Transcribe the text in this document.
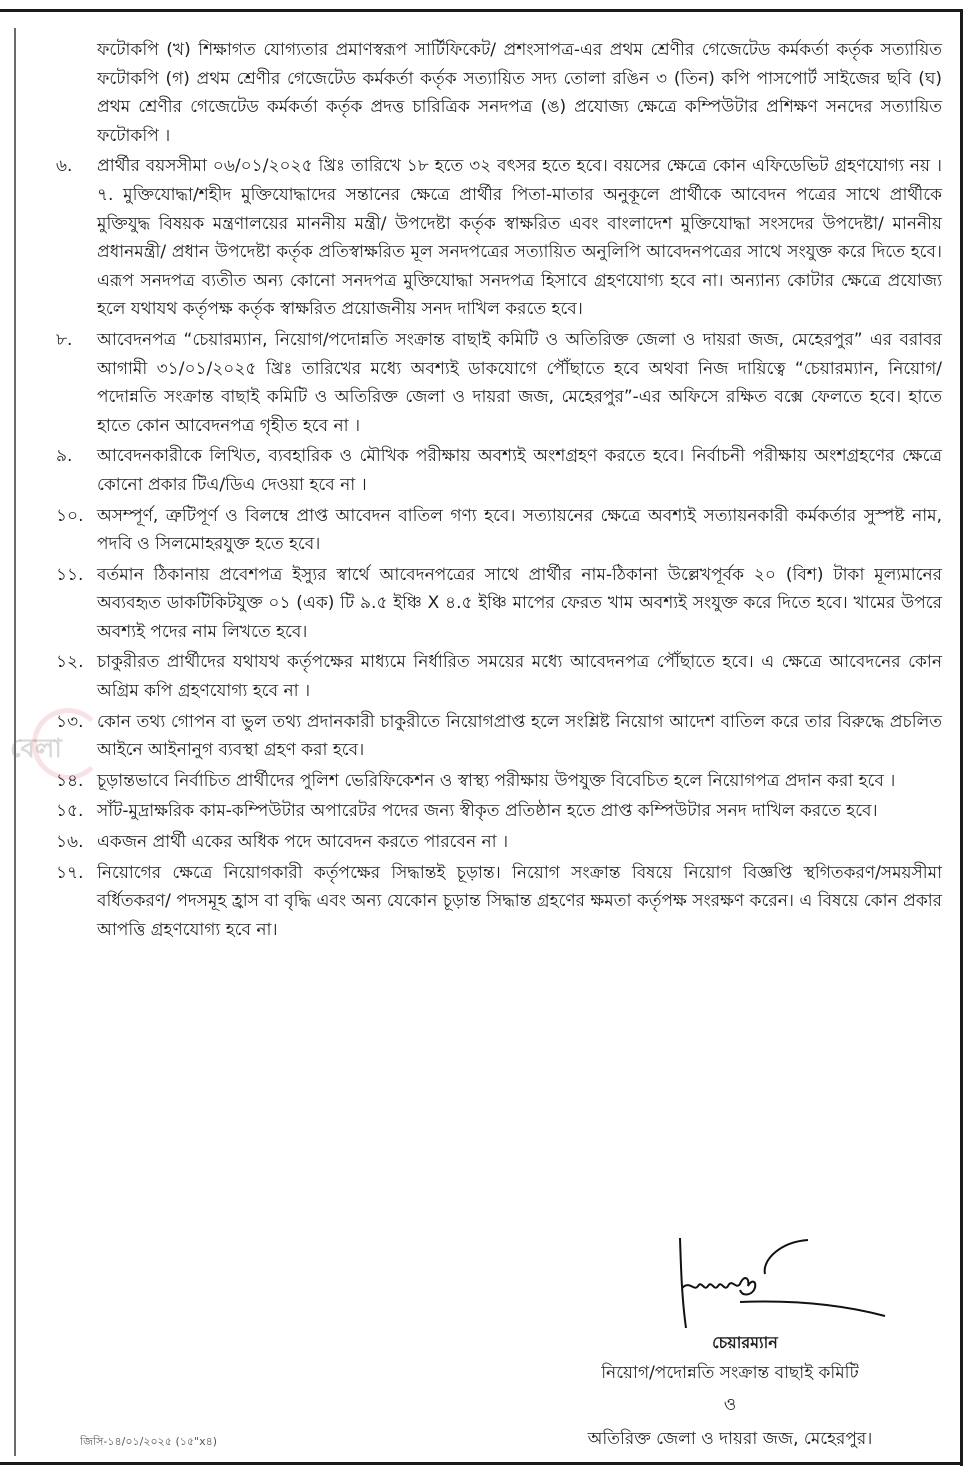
বেলা

ফটোকপি (খ) শিক্ষাগত যোগ্যতার প্রমাণস্বরূপ সার্টিফিকেট/ প্রশংসাপত্র-এর প্রথম শ্রেণীর গেজেটেড কর্মকর্তা কর্তৃক সত্যায়িত ফটোকপি (গ) প্রথম শ্রেণীর গেজেটেড কর্মকর্তা কর্তৃক সত্যায়িত সদ্য তোলা রঙিন ৩ (তিন) কপি পাসপোর্ট সাইজের ছবি (ঘ) প্রথম শ্রেণীর গেজেটেড কর্মকর্তা কর্তৃক প্রদত্ত চারিত্রিক সনদপত্র (ঙ) প্রযোজ্য ক্ষেত্রে কম্পিউটার প্রশিক্ষণ সনদের সত্যায়িত ফটোকপি ।

৬.	প্রার্থীর বয়সসীমা ০৬/০১/২০২৫ খ্রিঃ তারিখে ১৮ হতে ৩২ বৎসর হতে হবে। বয়সের ক্ষেত্রে কোন এফিডেভিট গ্রহণযোগ্য নয় । ৭. মুক্তিযোদ্ধা/শহীদ মুক্তিযোদ্ধাদের সন্তানের ক্ষেত্রে প্রার্থীর পিতা-মাতার অনুকূলে প্রার্থীকে আবেদন পত্রের সাথে প্রার্থীকে মুক্তিযুদ্ধ বিষয়ক মন্ত্রণালয়ের মাননীয় মন্ত্রী/ উপদেষ্টা কর্তৃক স্বাক্ষরিত এবং বাংলাদেশ মুক্তিযোদ্ধা সংসদের উপদেষ্টা/ মাননীয় প্রধানমন্ত্রী/ প্রধান উপদেষ্টা কর্তৃক প্রতিস্বাক্ষরিত মূল সনদপত্রের সত্যায়িত অনুলিপি আবেদনপত্রের সাথে সংযুক্ত করে দিতে হবে। এরূপ সনদপত্র ব্যতীত অন্য কোনো সনদপত্র মুক্তিযোদ্ধা সনদপত্র হিসাবে গ্রহণযোগ্য হবে না। অন্যান্য কোটার ক্ষেত্রে প্রযোজ্য হলে যথাযথ কর্তৃপক্ষ কর্তৃক স্বাক্ষরিত প্রয়োজনীয় সনদ দাখিল করতে হবে।

৮.	আবেদনপত্র “চেয়ারম্যান, নিয়োগ/পদোন্নতি সংক্রান্ত বাছাই কমিটি ও অতিরিক্ত জেলা ও দায়রা জজ, মেহেরপুর” এর বরাবর আগামী ৩১/০১/২০২৫ খ্রিঃ তারিখের মধ্যে অবশ্যই ডাকযোগে পৌঁছাতে হবে অথবা নিজ দায়িত্বে “চেয়ারম্যান, নিয়োগ/পদোন্নতি সংক্রান্ত বাছাই কমিটি ও অতিরিক্ত জেলা ও দায়রা জজ, মেহেরপুর”-এর অফিসে রক্ষিত বক্সে ফেলতে হবে। হাতে হাতে কোন আবেদনপত্র গৃহীত হবে না ।

৯.	আবেদনকারীকে লিখিত, ব্যবহারিক ও মৌখিক পরীক্ষায় অবশ্যই অংশগ্রহণ করতে হবে। নির্বাচনী পরীক্ষায় অংশগ্রহণের ক্ষেত্রে কোনো প্রকার টিএ/ডিএ দেওয়া হবে না ।

১০. অসম্পূর্ণ, ত্রুটিপূর্ণ ও বিলম্বে প্রাপ্ত আবেদন বাতিল গণ্য হবে। সত্যায়নের ক্ষেত্রে অবশ্যই সত্যায়নকারী কর্মকর্তার সুস্পষ্ট নাম, পদবি ও সিলমোহরযুক্ত হতে হবে।

১১. বর্তমান ঠিকানায় প্রবেশপত্র ইস্যুর স্বার্থে আবেদনপত্রের সাথে প্রার্থীর নাম-ঠিকানা উল্লেখপূর্বক ২০ (বিশ) টাকা মূল্যমানের অব্যবহৃত ডাকটিকিটযুক্ত ০১ (এক) টি ৯.৫ ইঞ্চি X ৪.৫ ইঞ্চি মাপের ফেরত খাম অবশ্যই সংযুক্ত করে দিতে হবে। খামের উপরে অবশ্যই পদের নাম লিখতে হবে।

১২. চাকুরীরত প্রার্থীদের যথাযথ কর্তৃপক্ষের মাধ্যমে নির্ধারিত সময়ের মধ্যে আবেদনপত্র পৌঁছাতে হবে। এ ক্ষেত্রে আবেদনের কোন অগ্রিম কপি গ্রহণযোগ্য হবে না ।

১৩. কোন তথ্য গোপন বা ভুল তথ্য প্রদানকারী চাকুরীতে নিয়োগপ্রাপ্ত হলে সংশ্লিষ্ট নিয়োগ আদেশ বাতিল করে তার বিরুদ্ধে প্রচলিত আইনে আইনানুগ ব্যবস্থা গ্রহণ করা হবে।

১৪. চূড়ান্তভাবে নির্বাচিত প্রার্থীদের পুলিশ ভেরিফিকেশন ও স্বাস্থ্য পরীক্ষায় উপযুক্ত বিবেচিত হলে নিয়োগপত্র প্রদান করা হবে ।

১৫. সাঁট-মুদ্রাক্ষরিক কাম-কম্পিউটার অপারেটর পদের জন্য স্বীকৃত প্রতিষ্ঠান হতে প্রাপ্ত কম্পিউটার সনদ দাখিল করতে হবে।

১৬. একজন প্রার্থী একের অধিক পদে আবেদন করতে পারবেন না ।

১৭. নিয়োগের ক্ষেত্রে নিয়োগকারী কর্তৃপক্ষের সিদ্ধান্তই চূড়ান্ত। নিয়োগ সংক্রান্ত বিষয়ে নিয়োগ বিজ্ঞপ্তি স্থগিতকরণ/সময়সীমা বর্ধিতকরণ/ পদসমূহ হ্রাস বা বৃদ্ধি এবং অন্য যেকোন চূড়ান্ত সিদ্ধান্ত গ্রহণের ক্ষমতা কর্তৃপক্ষ সংরক্ষণ করেন। এ বিষয়ে কোন প্রকার আপত্তি গ্রহণযোগ্য হবে না।

চেয়ারম্যান
নিয়োগ/পদোন্নতি সংক্রান্ত বাছাই কমিটি
ও
অতিরিক্ত জেলা ও দায়রা জজ, মেহেরপুর।
জিসি-১৪/০১/২০২৫ (১৫"x৪)
